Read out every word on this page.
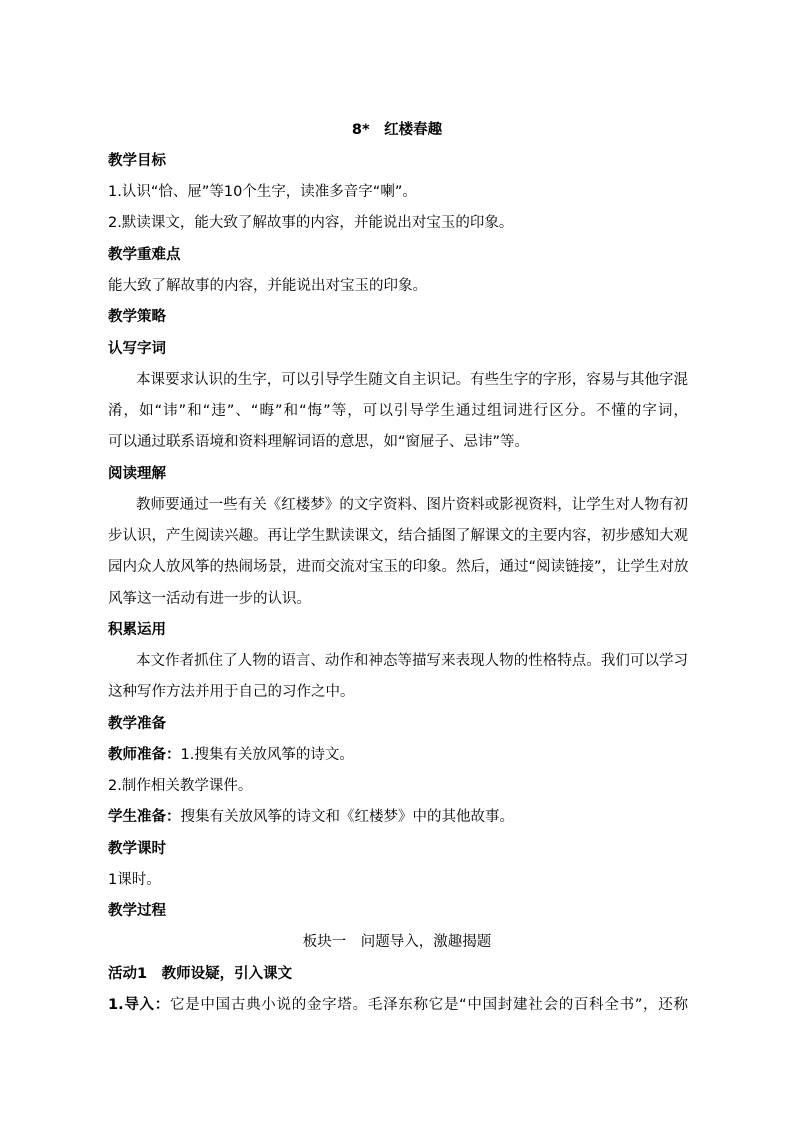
8*　红楼春趣
教学目标
1.认识“恰、屉”等10个生字，读准多音字“喇”。
2.默读课文，能大致了解故事的内容，并能说出对宝玉的印象。
教学重难点
能大致了解故事的内容，并能说出对宝玉的印象。
教学策略
认写字词
本课要求认识的生字，可以引导学生随文自主识记。有些生字的字形，容易与其他字混
淆，如“讳”和“违”、“晦”和“悔”等，可以引导学生通过组词进行区分。不懂的字词，
可以通过联系语境和资料理解词语的意思，如“窗屉子、忌讳”等。
阅读理解
教师要通过一些有关《红楼梦》的文字资料、图片资料或影视资料，让学生对人物有初
步认识，产生阅读兴趣。再让学生默读课文，结合插图了解课文的主要内容，初步感知大观
园内众人放风筝的热闹场景，进而交流对宝玉的印象。然后，通过“阅读链接”，让学生对放
风筝这一活动有进一步的认识。
积累运用
本文作者抓住了人物的语言、动作和神态等描写来表现人物的性格特点。我们可以学习
这种写作方法并用于自己的习作之中。
教学准备
教师准备：1.搜集有关放风筝的诗文。
2.制作相关教学课件。
学生准备：搜集有关放风筝的诗文和《红楼梦》中的其他故事。
教学课时
1课时。
教学过程
板块一　问题导入，激趣揭题
活动1　教师设疑，引入课文
1.导入：它是中国古典小说的金字塔。毛泽东称它是“中国封建社会的百科全书”，还称
